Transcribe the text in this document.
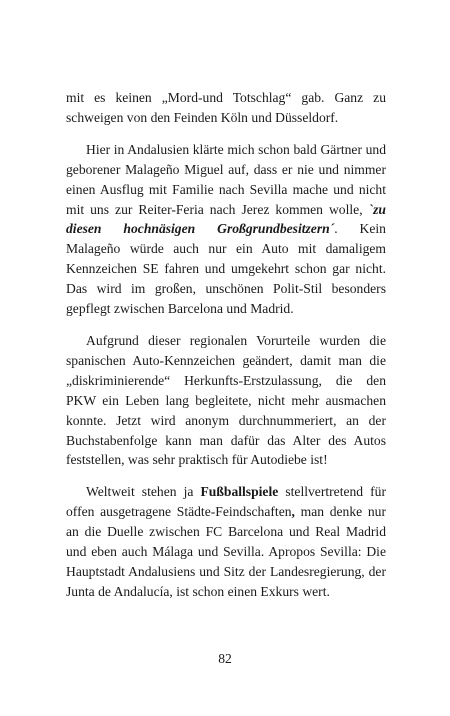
mit es keinen „Mord-und Totschlag“ gab. Ganz zu schweigen von den Feinden Köln und Düsseldorf.

Hier in Andalusien klärte mich schon bald Gärtner und geborener Malageño Miguel auf, dass er nie und nimmer einen Ausflug mit Familie nach Sevilla mache und nicht mit uns zur Reiter-Feria nach Jerez kommen wolle, `zu diesen hochnäsigen Großgrundbesitzern´. Kein Malageño würde auch nur ein Auto mit damaligem Kennzeichen SE fahren und umgekehrt schon gar nicht. Das wird im großen, unschönen Polit-Stil besonders gepflegt zwischen Barcelona und Madrid.

Aufgrund dieser regionalen Vorurteile wurden die spanischen Auto-Kennzeichen geändert, damit man die „diskriminierende“ Herkunfts-Erstzulassung, die den PKW ein Leben lang begleitete, nicht mehr ausmachen konnte. Jetzt wird anonym durchnummeriert, an der Buchstabenfolge kann man dafür das Alter des Autos feststellen, was sehr praktisch für Autodiebe ist!

Weltweit stehen ja Fußballspiele stellvertretend für offen ausgetragene Städte-Feindschaften, man denke nur an die Duelle zwischen FC Barcelona und Real Madrid und eben auch Málaga und Sevilla. Apropos Sevilla: Die Hauptstadt Andalusiens und Sitz der Landesregierung, der Junta de Andalucía, ist schon einen Exkurs wert.

82
